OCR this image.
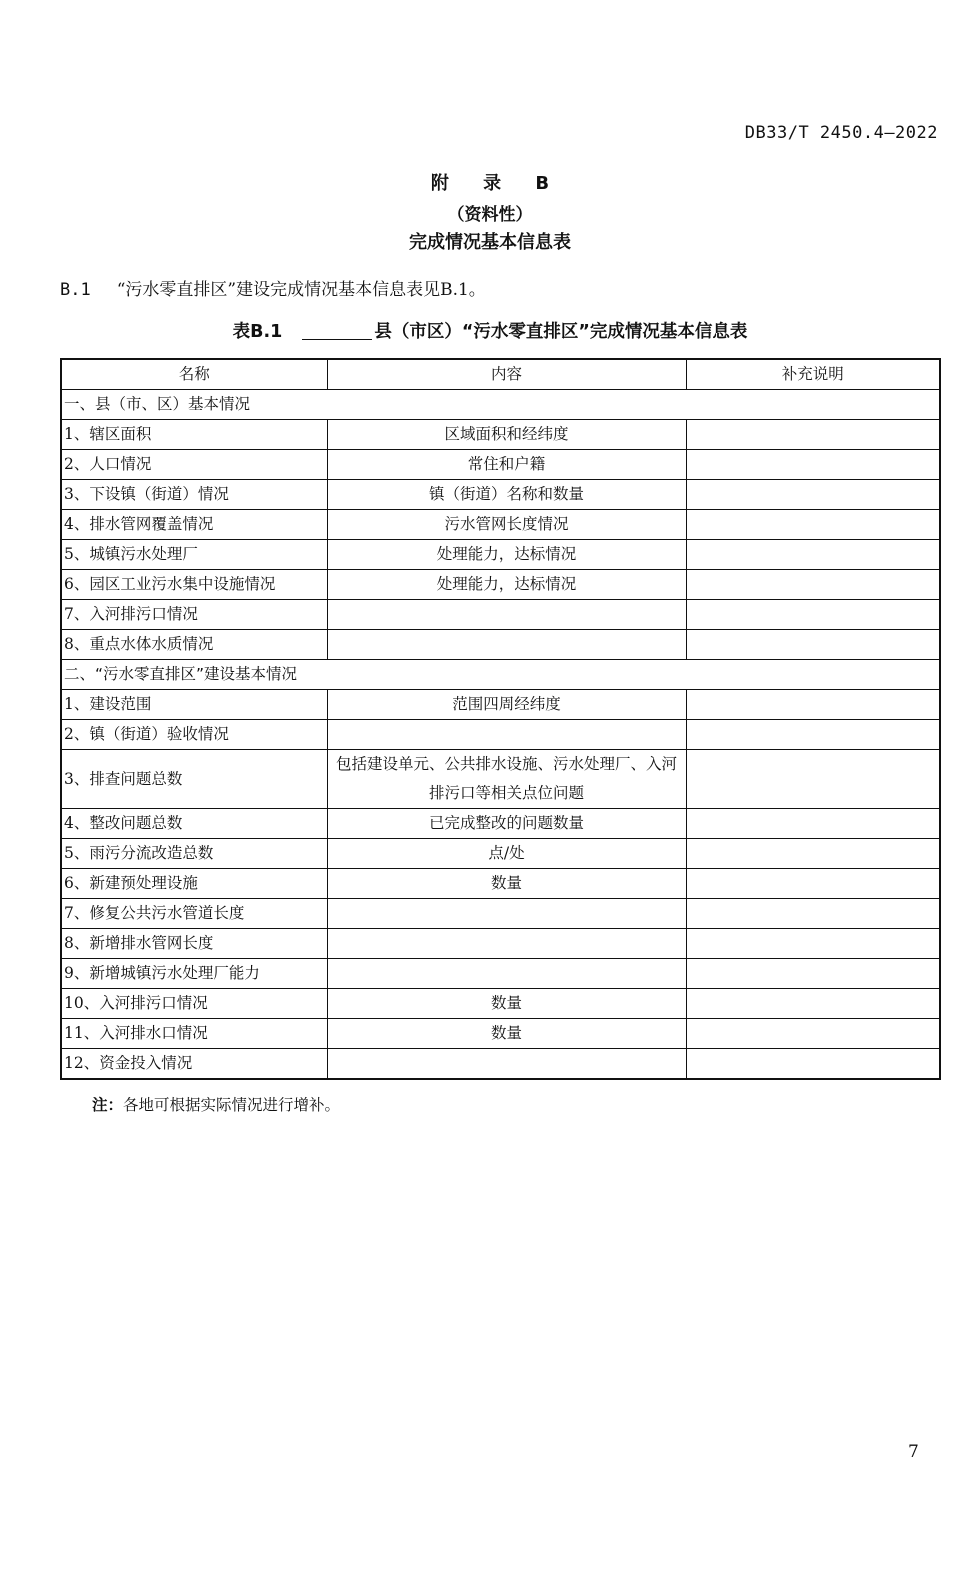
DB33/T 2450.4—2022
附 录 B
（资料性）
完成情况基本信息表
B.1 “污水零直排区”建设完成情况基本信息表见B.1。
表B.1	县（市区）“污水零直排区”完成情况基本信息表
名称	内容	补充说明
一、县（市、区）基本情况		
1、辖区面积	区域面积和经纬度	
2、人口情况	常住和户籍	
3、下设镇（街道）情况	镇（街道）名称和数量	
4、排水管网覆盖情况	污水管网长度情况	
5、城镇污水处理厂	处理能力，达标情况	
6、园区工业污水集中设施情况	处理能力，达标情况	
7、入河排污口情况		
8、重点水体水质情况		
二、“污水零直排区”建设基本情况		
1、建设范围	范围四周经纬度	
2、镇（街道）验收情况		
3、排查问题总数	包括建设单元、公共排水设施、污水处理厂、入河排污口等相关点位问题	
4、整改问题总数	已完成整改的问题数量	
5、雨污分流改造总数	点/处	
6、新建预处理设施	数量	
7、修复公共污水管道长度		
8、新增排水管网长度		
9、新增城镇污水处理厂能力		
10、入河排污口情况	数量	
11、入河排水口情况	数量	
12、资金投入情况		
注：各地可根据实际情况进行增补。
7
